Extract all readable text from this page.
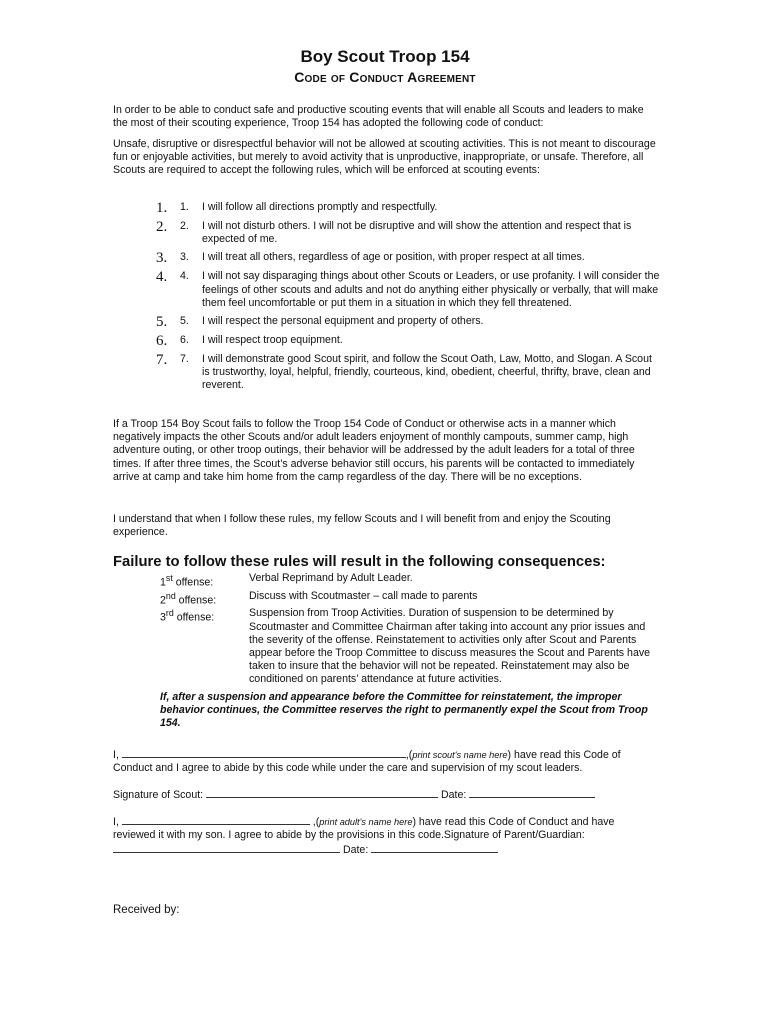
Boy Scout Troop 154
Code of Conduct Agreement
In order to be able to conduct safe and productive scouting events that will enable all Scouts and leaders to make the most of their scouting experience, Troop 154 has adopted the following code of conduct:
Unsafe, disruptive or disrespectful behavior will not be allowed at scouting activities. This is not meant to discourage fun or enjoyable activities, but merely to avoid activity that is unproductive, inappropriate, or unsafe. Therefore, all Scouts are required to accept the following rules, which will be enforced at scouting events:
1.	1.	I will follow all directions promptly and respectfully.
2.	2.	I will not disturb others. I will not be disruptive and will show the attention and respect that is expected of me.
3.	3.	I will treat all others, regardless of age or position, with proper respect at all times.
4.	4.	I will not say disparaging things about other Scouts or Leaders, or use profanity. I will consider the feelings of other scouts and adults and not do anything either physically or verbally, that will make them feel uncomfortable or put them in a situation in which they fell threatened.
5.	5.	I will respect the personal equipment and property of others.
6.	6.	I will respect troop equipment.
7.	7.	I will demonstrate good Scout spirit, and follow the Scout Oath, Law, Motto, and Slogan. A Scout is trustworthy, loyal, helpful, friendly, courteous, kind, obedient, cheerful, thrifty, brave, clean and reverent.
If a Troop 154 Boy Scout fails to follow the Troop 154 Code of Conduct or otherwise acts in a manner which negatively impacts the other Scouts and/or adult leaders enjoyment of monthly campouts, summer camp, high adventure outing, or other troop outings, their behavior will be addressed by the adult leaders for a total of three times. If after three times, the Scout’s adverse behavior still occurs, his parents will be contacted to immediately arrive at camp and take him home from the camp regardless of the day. There will be no exceptions.
I understand that when I follow these rules, my fellow Scouts and I will benefit from and enjoy the Scouting experience.
Failure to follow these rules will result in the following consequences:
1st offense:	Verbal Reprimand by Adult Leader.
2nd offense:	Discuss with Scoutmaster – call made to parents
3rd offense:	Suspension from Troop Activities. Duration of suspension to be determined by Scoutmaster and Committee Chairman after taking into account any prior issues and the severity of the offense. Reinstatement to activities only after Scout and Parents appear before the Troop Committee to discuss measures the Scout and Parents have taken to insure that the behavior will not be repeated. Reinstatement may also be conditioned on parents’ attendance at future activities.
If, after a suspension and appearance before the Committee for reinstatement, the improper behavior continues, the Committee reserves the right to permanently expel the Scout from Troop 154.
I,	,(print scout's name here) have read this Code of Conduct and I agree to abide by this code while under the care and supervision of my scout leaders.
Signature of Scout:	Date:
I,	,(print adult's name here) have read this Code of Conduct and have reviewed it with my son. I agree to abide by the provisions in this code.Signature of Parent/Guardian:
Date:
Received by:
